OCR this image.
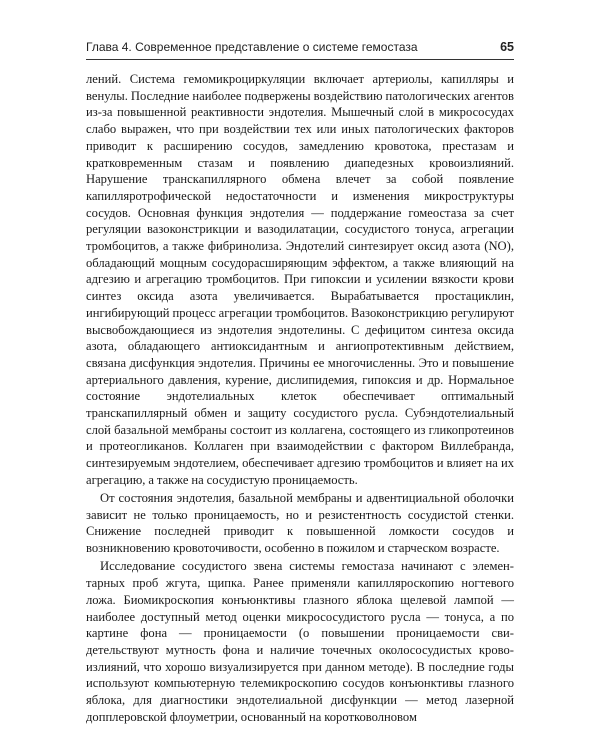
Глава 4. Современное представление о системе гемостаза	65

лений. Система гемомикроциркуляции включает артериолы, капилляры и венулы. Последние наиболее подвержены воздействию патологических агентов из-за повышенной реактивности эндотелия. Мышечный слой в микрососудах слабо выражен, что при воздействии тех или иных патологических факторов приводит к расширению сосудов, замедлению кровотока, престазам и кратковременным стазам и появлению диапедезных кровоизлияний. Нарушение транскапиллярного обмена влечет за собой появление капилляротрофической недостаточности и изменения микроструктуры сосудов. Основная функция эндотелия — поддержание гомеостаза за счет регуляции вазоконстрикции и вазодилатации, сосудистого тонуса, агрегации тромбоцитов, а также фибринолиза. Эндотелий синтезирует оксид азота (NO), обладающий мощным сосудорасширяющим эффектом, а также влияющий на адгезию и агрегацию тромбоцитов. При гипоксии и усилении вязкости крови синтез оксида азота увеличивается. Вырабатывается простациклин, ингибирующий процесс агрегации тромбоцитов. Вазоконстрикцию регулируют высвобождающиеся из эндотелия эндотелины. С дефицитом синтеза оксида азота, обладающего антиоксидантным и ангиопротективным действием, связана дисфункция эндотелия. Причины ее многочисленны. Это и повышение артериального давления, курение, дислипидемия, гипоксия и др. Нормальное состояние эндотелиальных клеток обеспечивает оптимальный транскапиллярный обмен и защиту сосудистого русла. Субэндотелиальный слой базальной мембраны состоит из коллагена, состоящего из гликопротеинов и протеогликанов. Коллаген при взаимодействии с фактором Виллебранда, синтезируемым эндотелием, обеспечивает адгезию тромбоцитов и влияет на их агрегацию, а также на сосудистую проницаемость.

От состояния эндотелия, базальной мембраны и адвентициальной оболочки зависит не только проницаемость, но и резистентность сосудистой стенки. Снижение последней приводит к повышенной ломкости сосудов и возникновению кровоточивости, особенно в пожилом и старческом возрасте.

Исследование сосудистого звена системы гемостаза начинают с элементарных проб жгута, щипка. Ранее применяли капилляроскопию ногтевого ложа. Биомикроскопия конъюнктивы глазного яблока щелевой лампой — наиболее доступный метод оценки микрососудистого русла — тонуса, а по картине фона — проницаемости (о повышении проницаемости свидетельствуют мутность фона и наличие точечных околососудистых кровоизлияний, что хорошо визуализируется при данном методе). В последние годы используют компьютерную телемикроскопию сосудов конъюнктивы глазного яблока, для диагностики эндотелиальной дисфункции — метод лазерной допплеровской флоуметрии, основанный на коротковолновом
